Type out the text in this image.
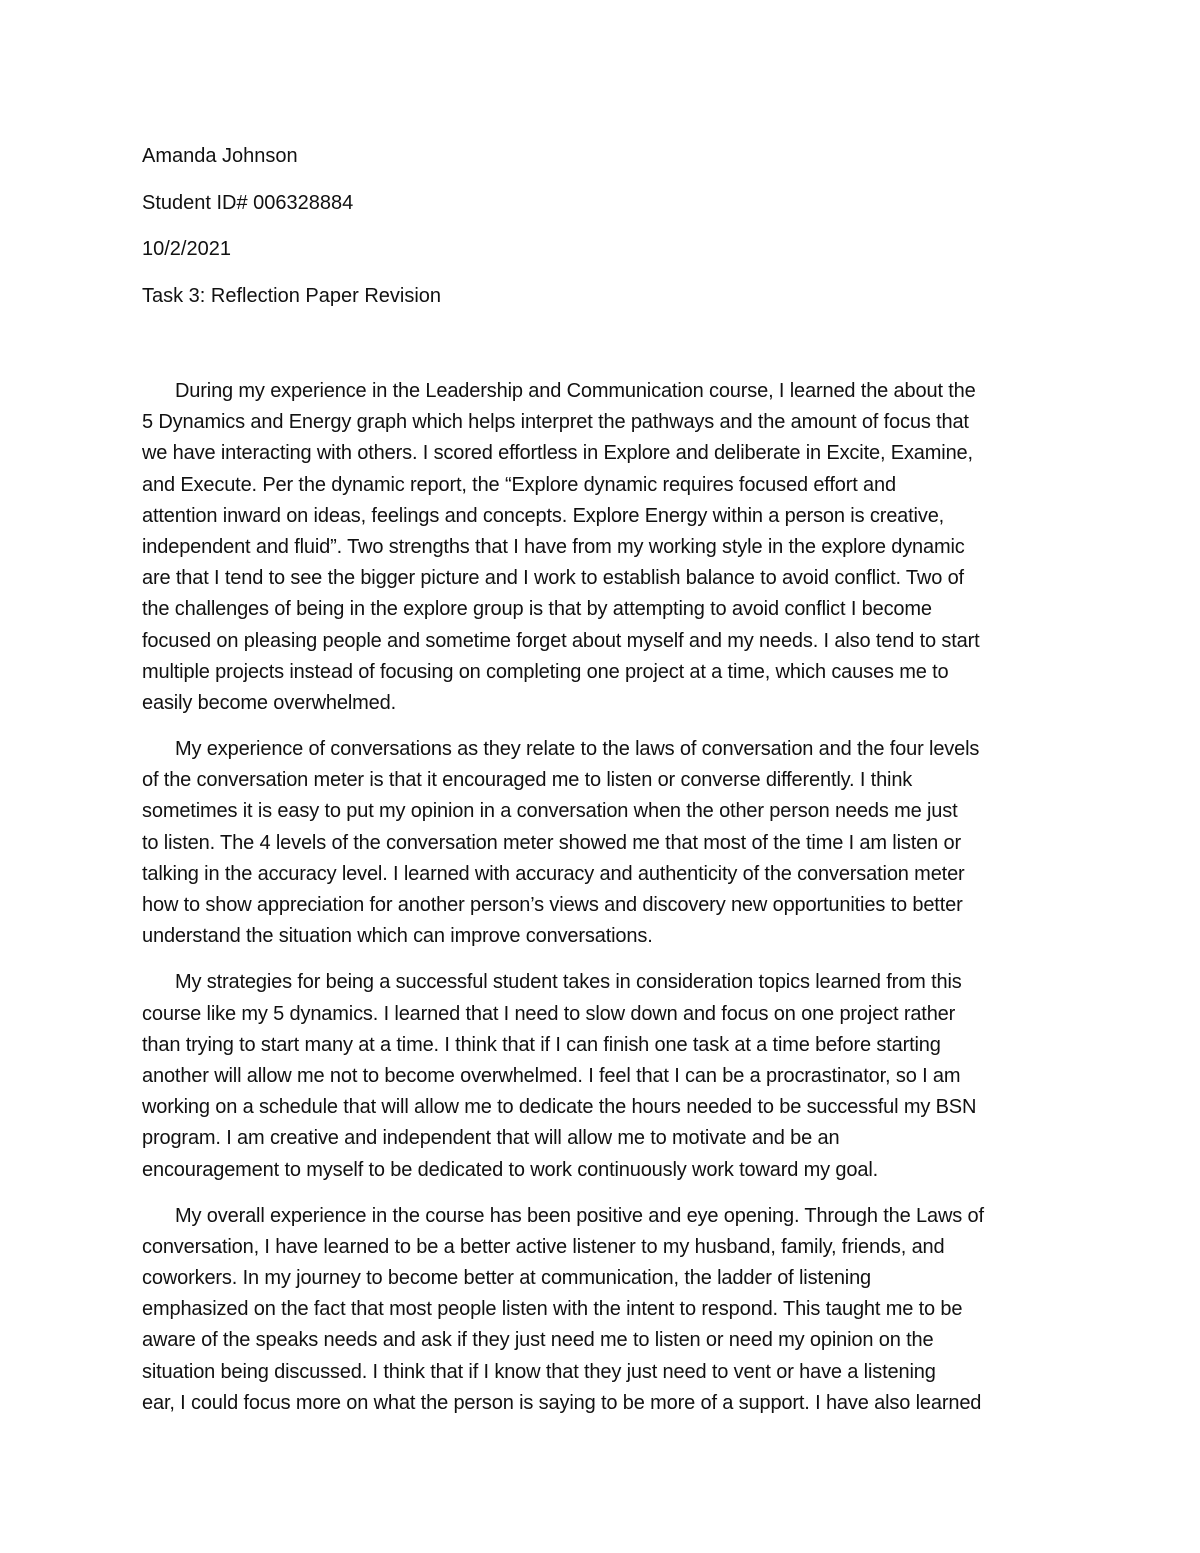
Amanda Johnson
Student ID# 006328884
10/2/2021
Task 3: Reflection Paper Revision
During my experience in the Leadership and Communication course, I learned the about the
5 Dynamics and Energy graph which helps interpret the pathways and the amount of focus that
we have interacting with others. I scored effortless in Explore and deliberate in Excite, Examine,
and Execute. Per the dynamic report, the “Explore dynamic requires focused effort and
attention inward on ideas, feelings and concepts. Explore Energy within a person is creative,
independent and fluid”. Two strengths that I have from my working style in the explore dynamic
are that I tend to see the bigger picture and I work to establish balance to avoid conflict. Two of
the challenges of being in the explore group is that by attempting to avoid conflict I become
focused on pleasing people and sometime forget about myself and my needs. I also tend to start
multiple projects instead of focusing on completing one project at a time, which causes me to
easily become overwhelmed.
My experience of conversations as they relate to the laws of conversation and the four levels
of the conversation meter is that it encouraged me to listen or converse differently. I think
sometimes it is easy to put my opinion in a conversation when the other person needs me just
to listen. The 4 levels of the conversation meter showed me that most of the time I am listen or
talking in the accuracy level. I learned with accuracy and authenticity of the conversation meter
how to show appreciation for another person’s views and discovery new opportunities to better
understand the situation which can improve conversations.
My strategies for being a successful student takes in consideration topics learned from this
course like my 5 dynamics. I learned that I need to slow down and focus on one project rather
than trying to start many at a time. I think that if I can finish one task at a time before starting
another will allow me not to become overwhelmed. I feel that I can be a procrastinator, so I am
working on a schedule that will allow me to dedicate the hours needed to be successful my BSN
program. I am creative and independent that will allow me to motivate and be an
encouragement to myself to be dedicated to work continuously work toward my goal.
My overall experience in the course has been positive and eye opening. Through the Laws of
conversation, I have learned to be a better active listener to my husband, family, friends, and
coworkers. In my journey to become better at communication, the ladder of listening
emphasized on the fact that most people listen with the intent to respond. This taught me to be
aware of the speaks needs and ask if they just need me to listen or need my opinion on the
situation being discussed. I think that if I know that they just need to vent or have a listening
ear, I could focus more on what the person is saying to be more of a support. I have also learned
